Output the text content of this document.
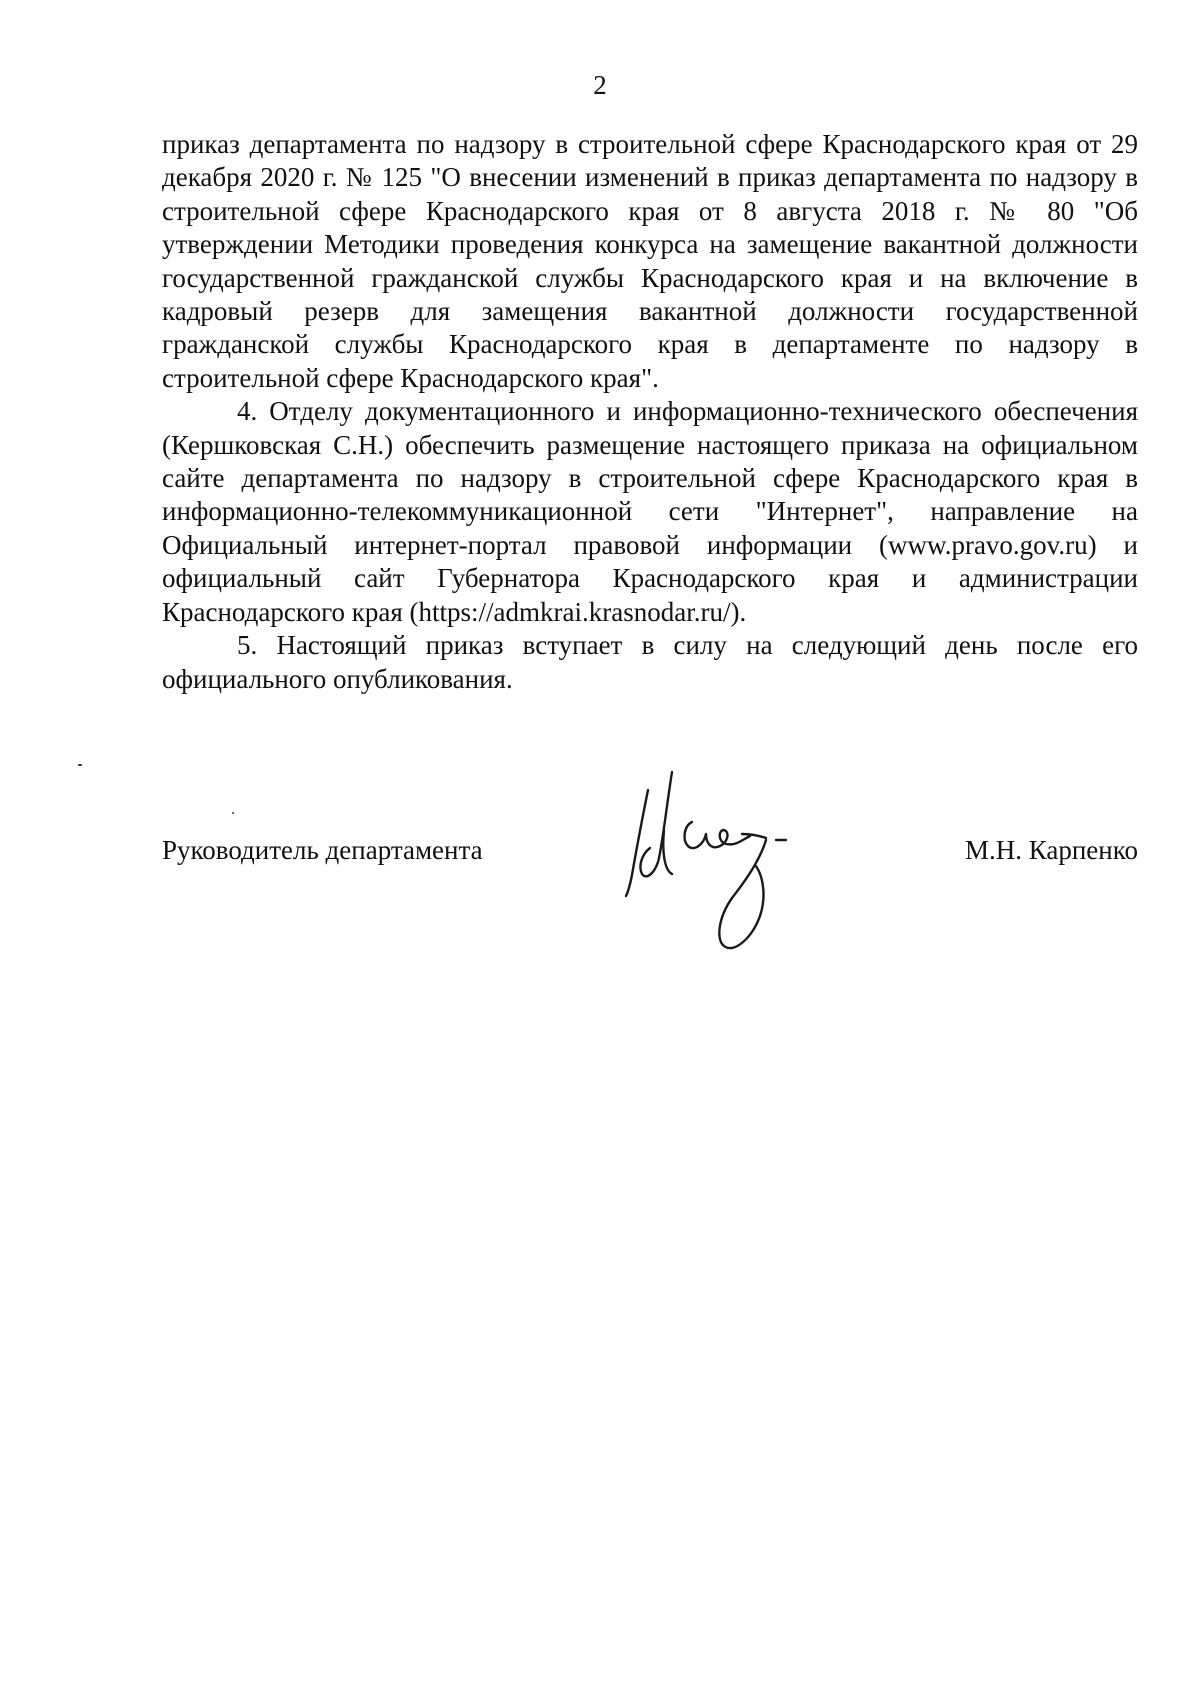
2

приказ департамента по надзору в строительной сфере Краснодарского края от 29 декабря 2020 г. № 125 "О внесении изменений в приказ департамента по надзору в строительной сфере Краснодарского края от 8 августа 2018 г. № 80 "Об утверждении Методики проведения конкурса на замещение вакантной должности государственной гражданской службы Краснодарского края и на включение в кадровый резерв для замещения вакантной должности государственной гражданской службы Краснодарского края в департаменте по надзору в строительной сфере Краснодарского края".

4. Отделу документационного и информационно-технического обеспечения (Кершковская С.Н.) обеспечить размещение настоящего приказа на официальном сайте департамента по надзору в строительной сфере Краснодарского края в информационно-телекоммуникационной сети "Интернет", направление на Официальный интернет-портал правовой информации (www.pravo.gov.ru) и официальный сайт Губернатора Краснодарского края и администрации Краснодарского края (https://admkrai.krasnodar.ru/).

5. Настоящий приказ вступает в силу на следующий день после его официального опубликования.

Руководитель департамента	М.Н. Карпенко
